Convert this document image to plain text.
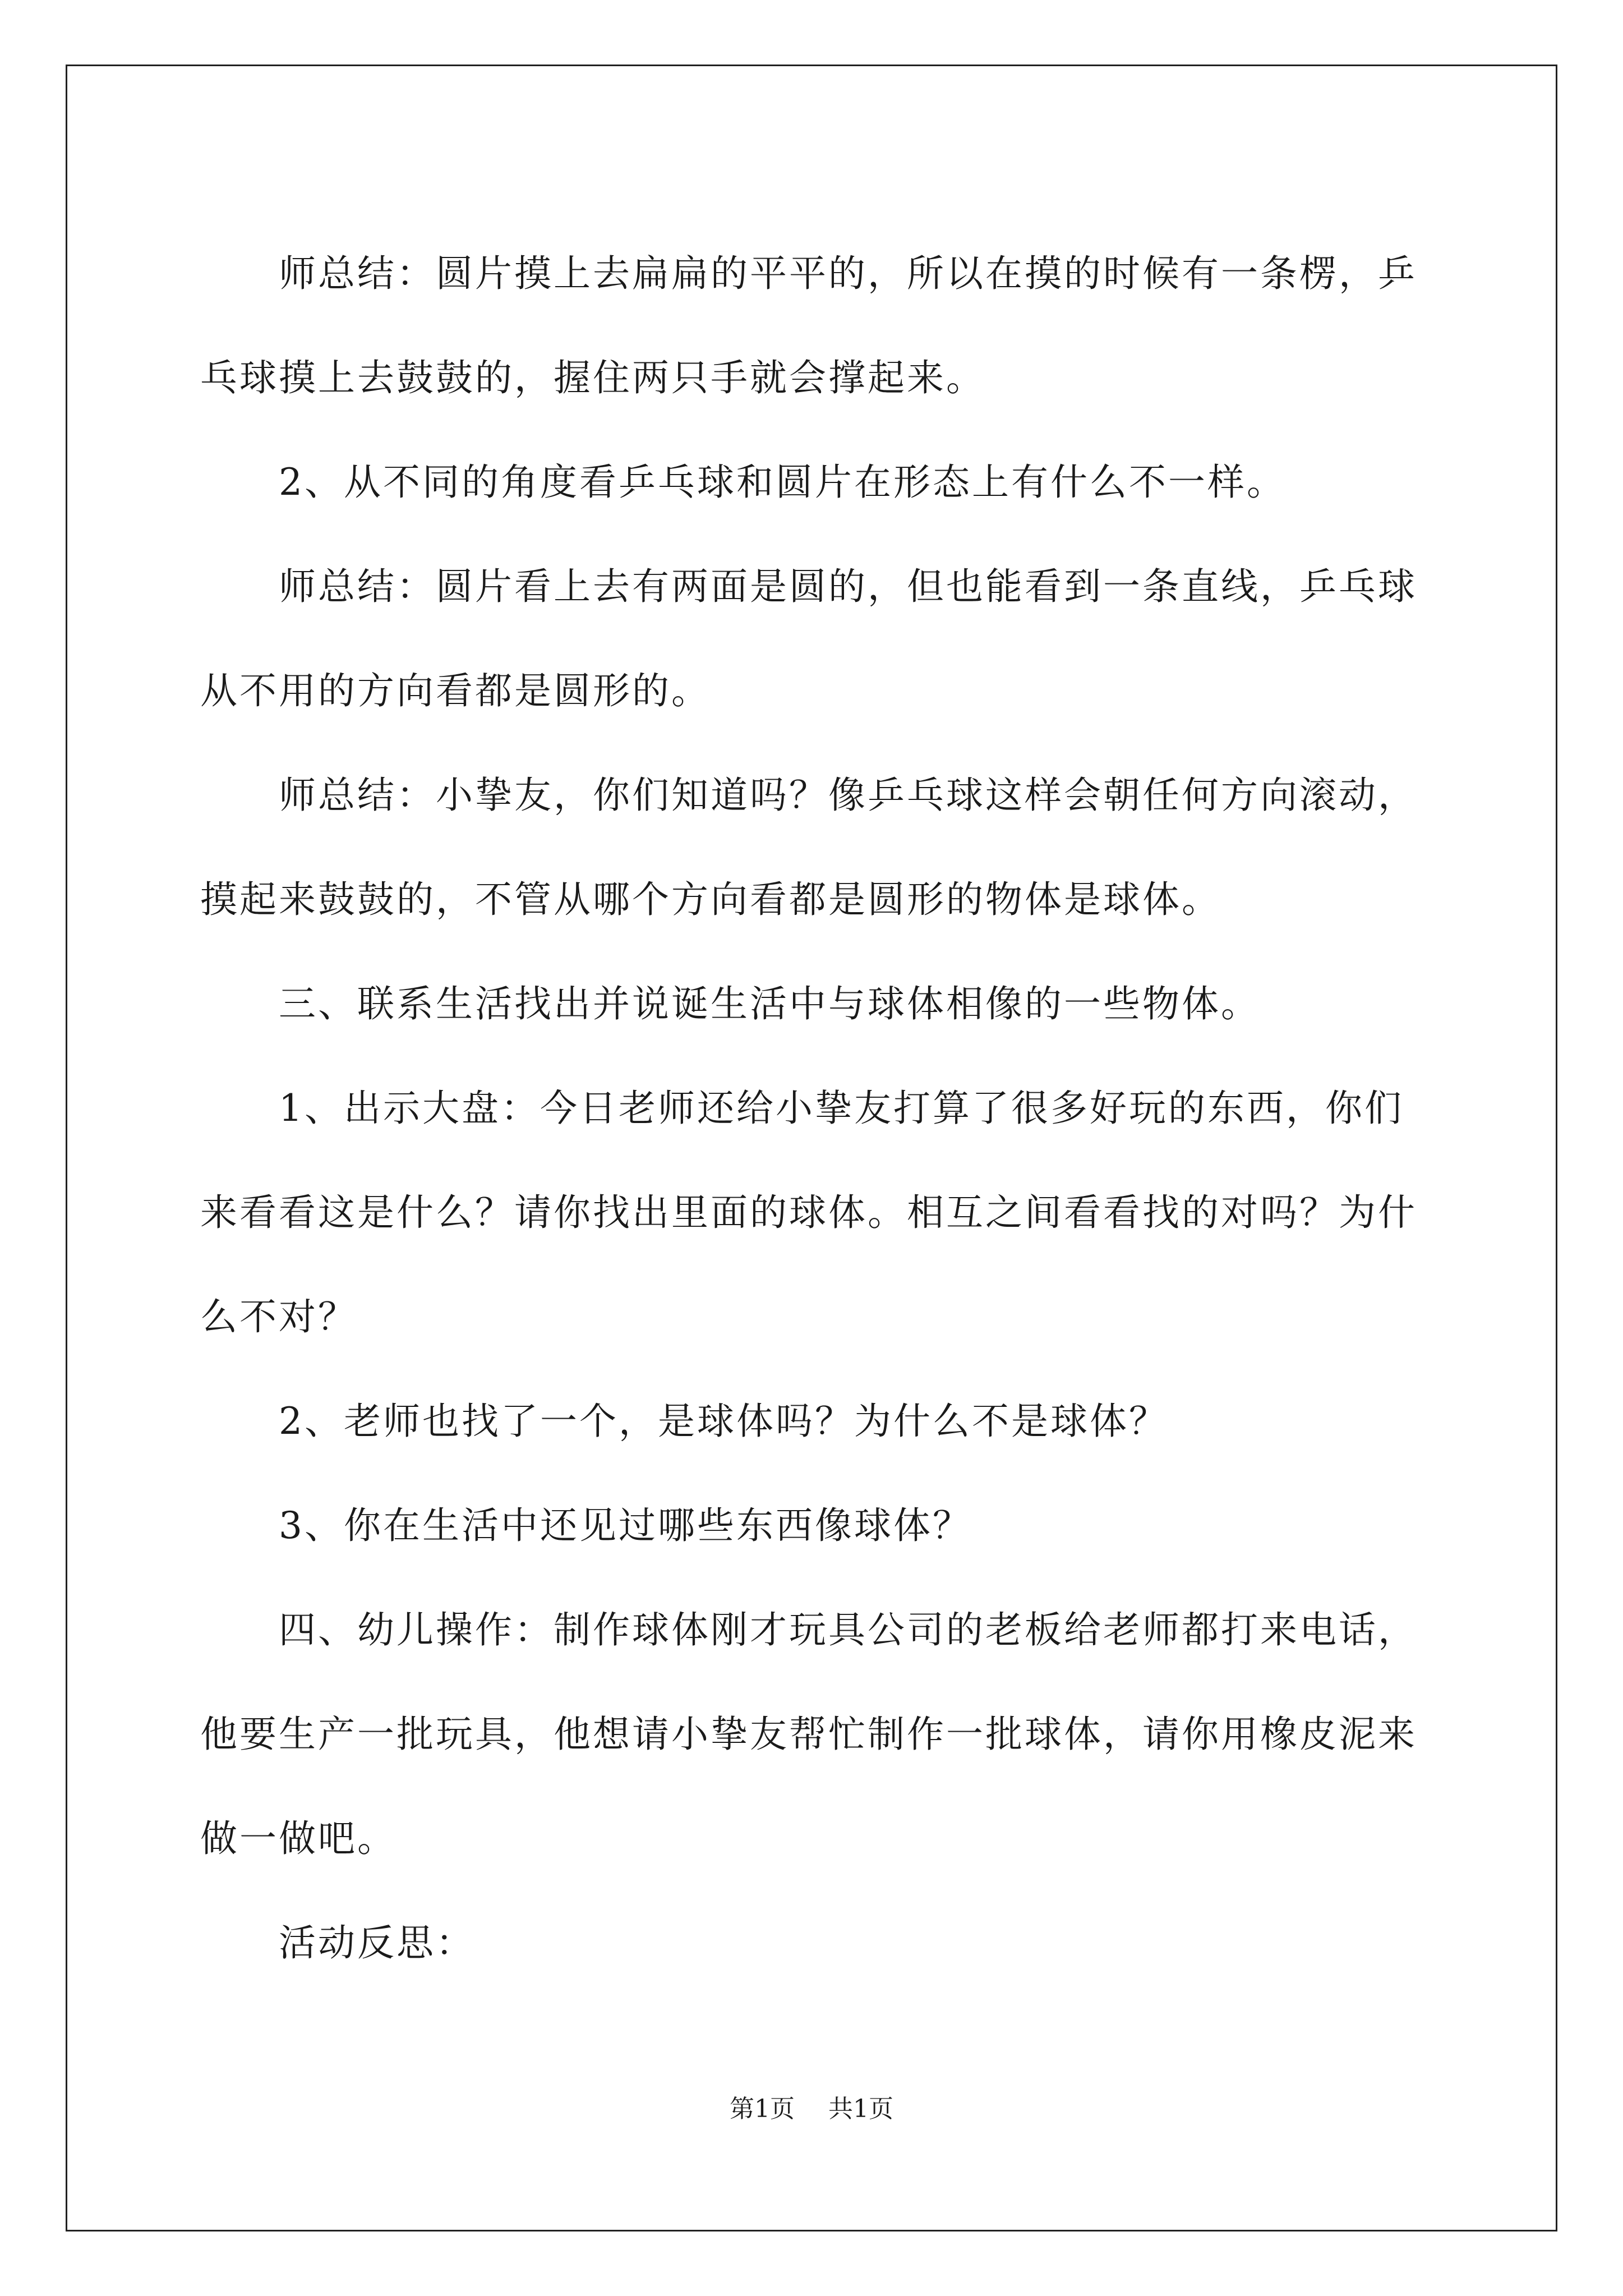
师总结：圆片摸上去扁扁的平平的，所以在摸的时候有一条楞，乒乓球摸上去鼓鼓的，握住两只手就会撑起来。

2、从不同的角度看乒乓球和圆片在形态上有什么不一样。

师总结：圆片看上去有两面是圆的，但也能看到一条直线，乒乓球从不用的方向看都是圆形的。

师总结：小挚友，你们知道吗？像乒乓球这样会朝任何方向滚动，摸起来鼓鼓的，不管从哪个方向看都是圆形的物体是球体。

三、联系生活找出并说诞生活中与球体相像的一些物体。

1、出示大盘：今日老师还给小挚友打算了很多好玩的东西，你们来看看这是什么？请你找出里面的球体。相互之间看看找的对吗？为什么不对？

2、老师也找了一个，是球体吗？为什么不是球体？

3、你在生活中还见过哪些东西像球体？

四、幼儿操作：制作球体刚才玩具公司的老板给老师都打来电话，他要生产一批玩具，他想请小挚友帮忙制作一批球体，请你用橡皮泥来做一做吧。

活动反思：

第1页 共1页
